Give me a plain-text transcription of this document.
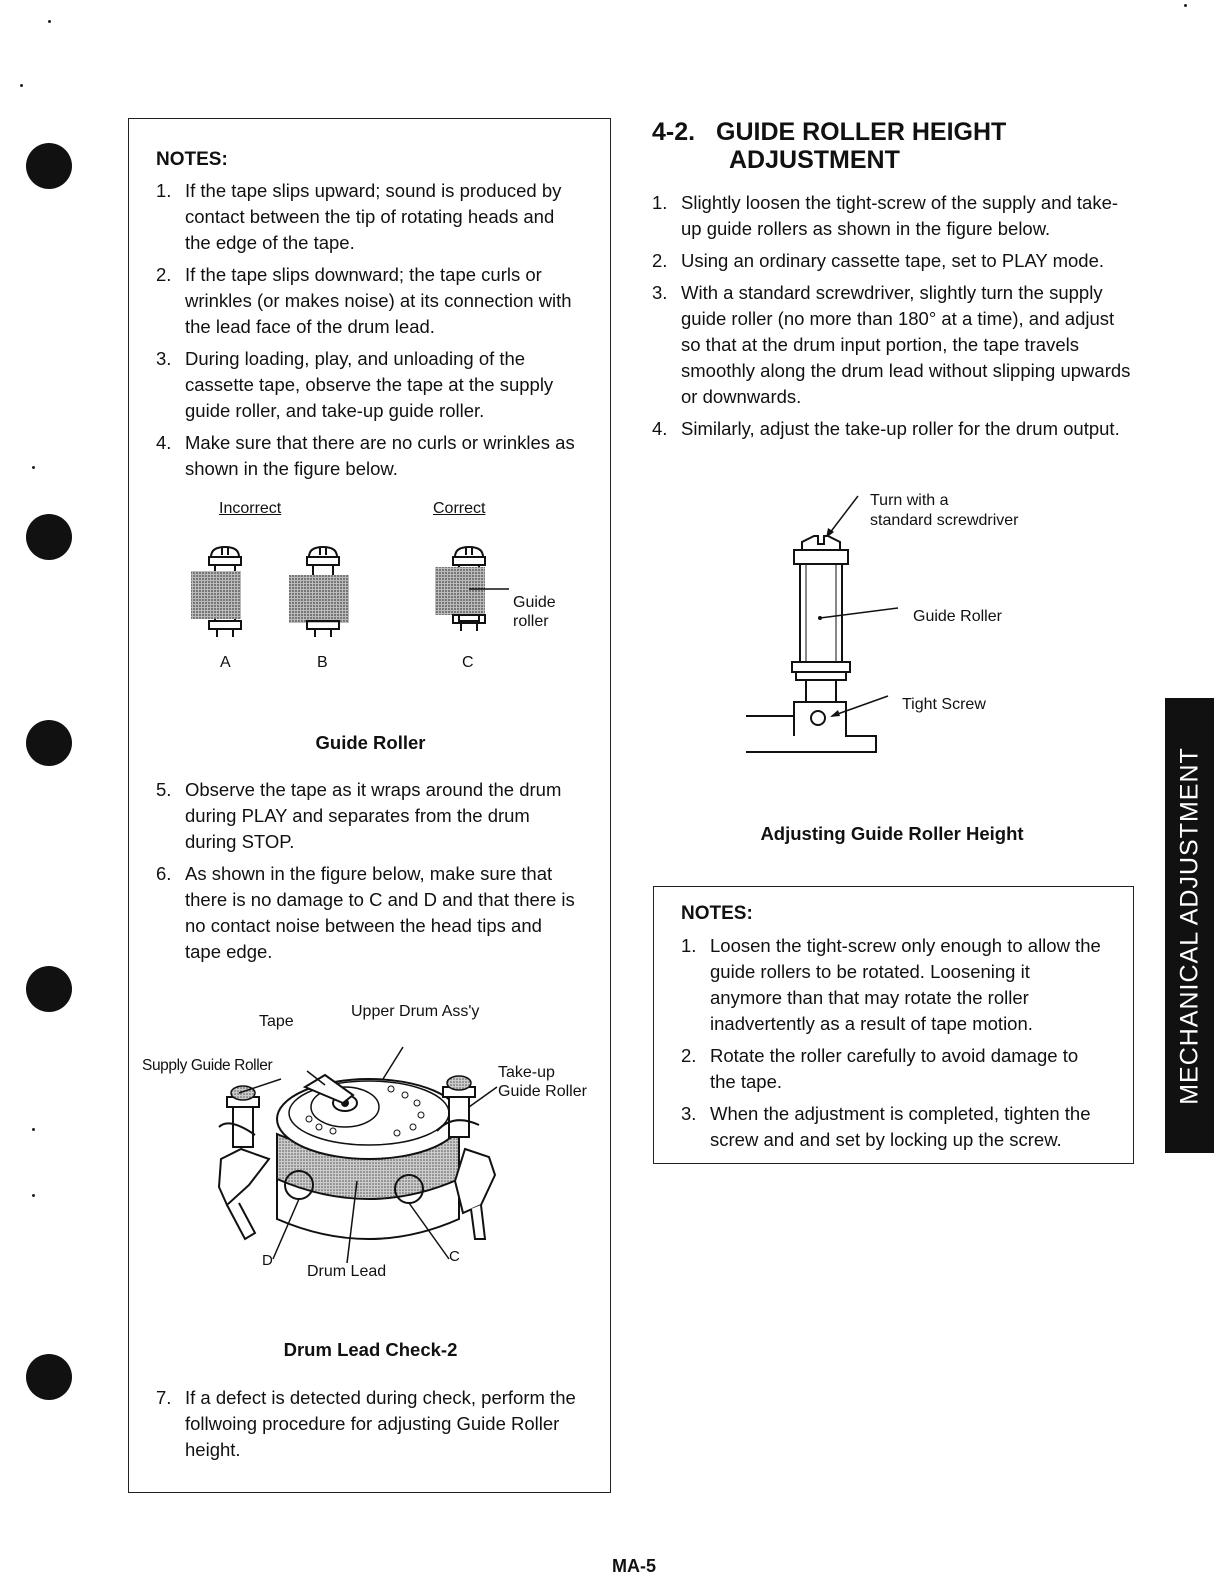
NOTES:
1. If the tape slips upward; sound is produced by contact between the tip of rotating heads and the edge of the tape.
2. If the tape slips downward; the tape curls or wrinkles (or makes noise) at its connection with the lead face of the drum lead.
3. During loading, play, and unloading of the cassette tape, observe the tape at the supply guide roller, and take-up guide roller.
4. Make sure that there are no curls or wrinkles as shown in the figure below.
Incorrect	Correct
Guide
roller
A	B	C
Guide Roller
5. Observe the tape as it wraps around the drum during PLAY and separates from the drum during STOP.
6. As shown in the figure below, make sure that there is no damage to C and D and that there is no contact noise between the head tips and tape edge.
Tape
Upper Drum Ass'y
Supply Guide Roller	Take-up
Guide Roller
D	C
Drum Lead
Drum Lead Check-2
7. If a defect is detected during check, perform the follwoing procedure for adjusting Guide Roller height.
4-2. GUIDE ROLLER HEIGHT
ADJUSTMENT
1. Slightly loosen the tight-screw of the supply and take-up guide rollers as shown in the figure below.
2. Using an ordinary cassette tape, set to PLAY mode.
3. With a standard screwdriver, slightly turn the supply guide roller (no more than 180° at a time), and adjust so that at the drum input portion, the tape travels smoothly along the drum lead without slipping upwards or downwards.
4. Similarly, adjust the take-up roller for the drum output.
Turn with a
standard screwdriver
Guide Roller
Tight Screw
Adjusting Guide Roller Height
NOTES:
1. Loosen the tight-screw only enough to allow the guide rollers to be rotated. Loosening it anymore than that may rotate the roller inadvertently as a result of tape motion.
2. Rotate the roller carefully to avoid damage to the tape.
3. When the adjustment is completed, tighten the screw and and set by locking up the screw.
MECHANICAL ADJUSTMENT
MA-5
